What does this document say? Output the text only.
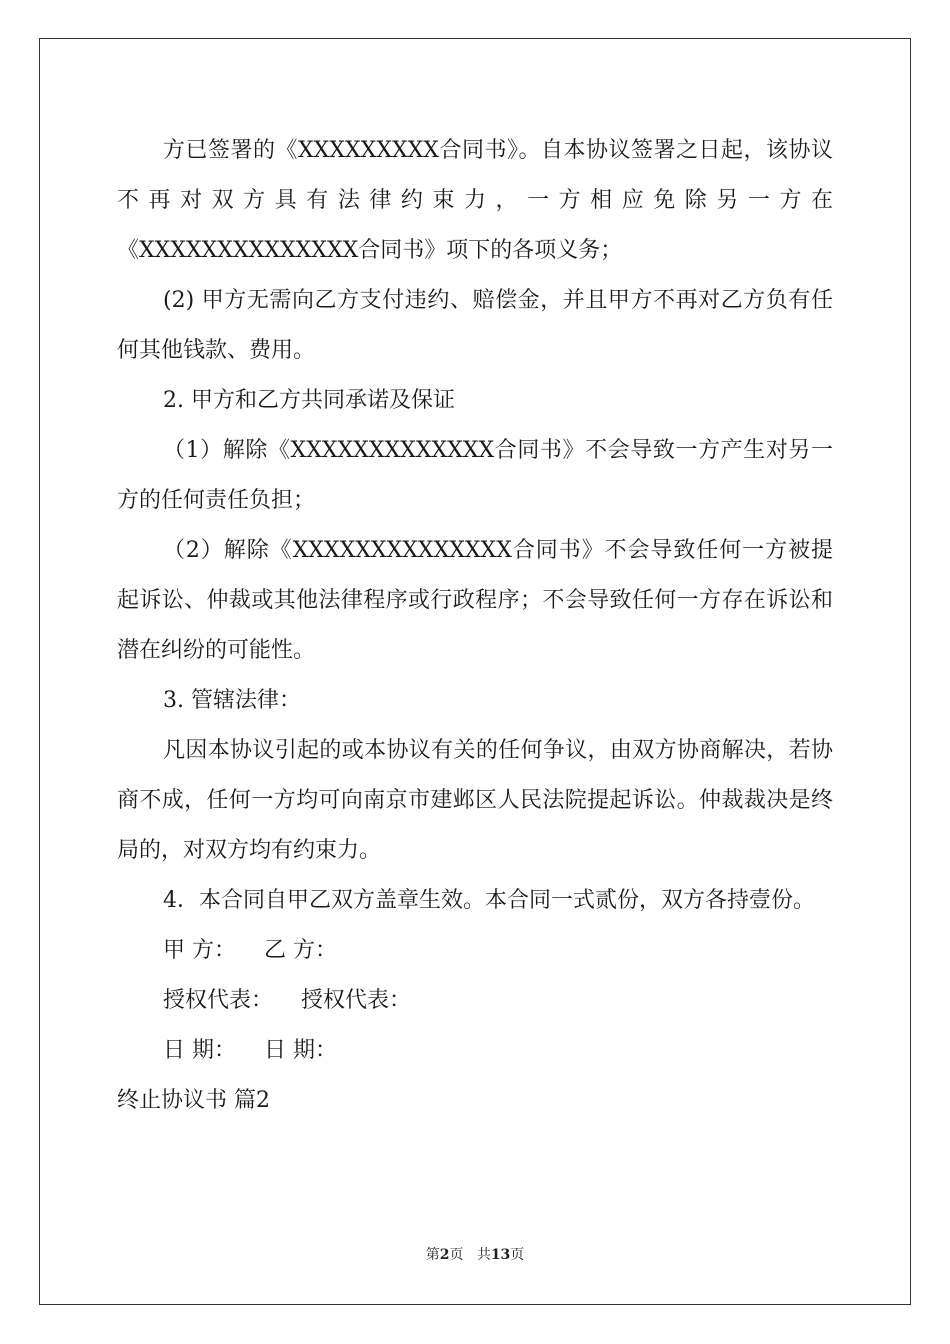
方已签署的《XXXXXXXXX合同书》。自本协议签署之日起，该协议不再对双方具有法律约束力，一方相应免除另一方在《XXXXXXXXXXXXXX合同书》项下的各项义务；

(2) 甲方无需向乙方支付违约、赔偿金，并且甲方不再对乙方负有任何其他钱款、费用。

2. 甲方和乙方共同承诺及保证

（1）解除《XXXXXXXXXXXXX合同书》不会导致一方产生对另一方的任何责任负担；

（2）解除《XXXXXXXXXXXXXX合同书》不会导致任何一方被提起诉讼、仲裁或其他法律程序或行政程序；不会导致任何一方存在诉讼和潜在纠纷的可能性。

3. 管辖法律：

凡因本协议引起的或本协议有关的任何争议，由双方协商解决，若协商不成，任何一方均可向南京市建邺区人民法院提起诉讼。仲裁裁决是终局的，对双方均有约束力。

4．本合同自甲乙双方盖章生效。本合同一式贰份，双方各持壹份。

甲 方： 乙 方：

授权代表： 授权代表：

日 期： 日 期：

终止协议书 篇2

第2页 共13页
